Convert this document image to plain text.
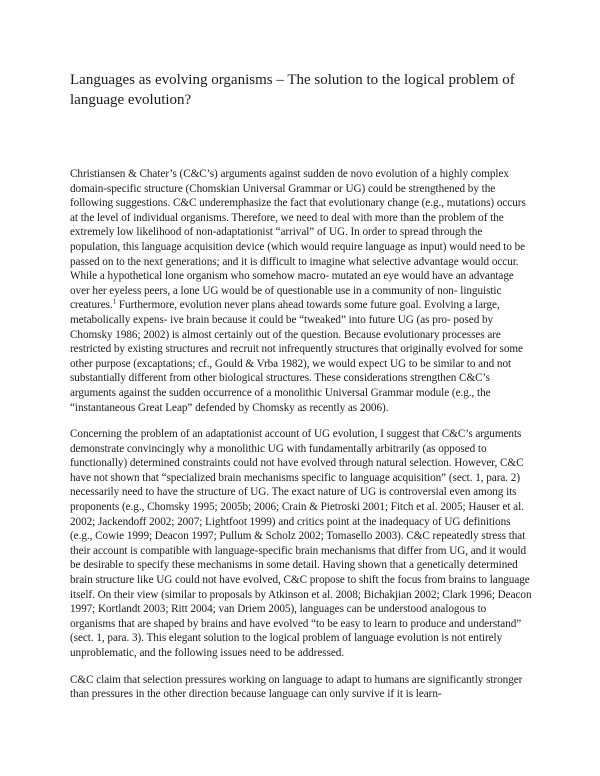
Languages as evolving organisms – The solution to the logical problem of language evolution?

Christiansen & Chater’s (C&C’s) arguments against sudden de novo evolution of a highly complex domain-specific structure (Chomskian Universal Grammar or UG) could be strengthened by the following suggestions. C&C underemphasize the fact that evolutionary change (e.g., mutations) occurs at the level of individual organisms. Therefore, we need to deal with more than the problem of the extremely low likelihood of non-adaptationist “arrival” of UG. In order to spread through the population, this language acquisition device (which would require language as input) would need to be passed on to the next generations; and it is difficult to imagine what selective advantage would occur. While a hypothetical lone organism who somehow macro- mutated an eye would have an advantage over her eyeless peers, a lone UG would be of questionable use in a community of non- linguistic creatures.$^1$ Furthermore, evolution never plans ahead towards some future goal. Evolving a large, metabolically expens- ive brain because it could be “tweaked” into future UG (as pro- posed by Chomsky 1986; 2002) is almost certainly out of the question. Because evolutionary processes are restricted by existing structures and recruit not infrequently structures that originally evolved for some other purpose (excaptations; cf., Gould & Vrba 1982), we would expect UG to be similar to and not substantially different from other biological structures. These considerations strengthen C&C’s arguments against the sudden occurrence of a monolithic Universal Grammar module (e.g., the “instantaneous Great Leap” defended by Chomsky as recently as 2006).

Concerning the problem of an adaptationist account of UG evolution, I suggest that C&C’s arguments demonstrate convincingly why a monolithic UG with fundamentally arbitrarily (as opposed to functionally) determined constraints could not have evolved through natural selection. However, C&C have not shown that “specialized brain mechanisms specific to language acquisition” (sect. 1, para. 2) necessarily need to have the structure of UG. The exact nature of UG is controversial even among its proponents (e.g., Chomsky 1995; 2005b; 2006; Crain & Pietroski 2001; Fitch et al. 2005; Hauser et al. 2002; Jackendoff 2002; 2007; Lightfoot 1999) and critics point at the inadequacy of UG definitions (e.g., Cowie 1999; Deacon 1997; Pullum & Scholz 2002; Tomasello 2003). C&C repeatedly stress that their account is compatible with language-specific brain mechanisms that differ from UG, and it would be desirable to specify these mechanisms in some detail. Having shown that a genetically determined brain structure like UG could not have evolved, C&C propose to shift the focus from brains to language itself. On their view (similar to proposals by Atkinson et al. 2008; Bichakjian 2002; Clark 1996; Deacon 1997; Kortlandt 2003; Ritt 2004; van Driem 2005), languages can be understood analogous to organisms that are shaped by brains and have evolved “to be easy to learn to produce and understand” (sect. 1, para. 3). This elegant solution to the logical problem of language evolution is not entirely unproblematic, and the following issues need to be addressed.

C&C claim that selection pressures working on language to adapt to humans are significantly stronger than pressures in the other direction because language can only survive if it is learn-
